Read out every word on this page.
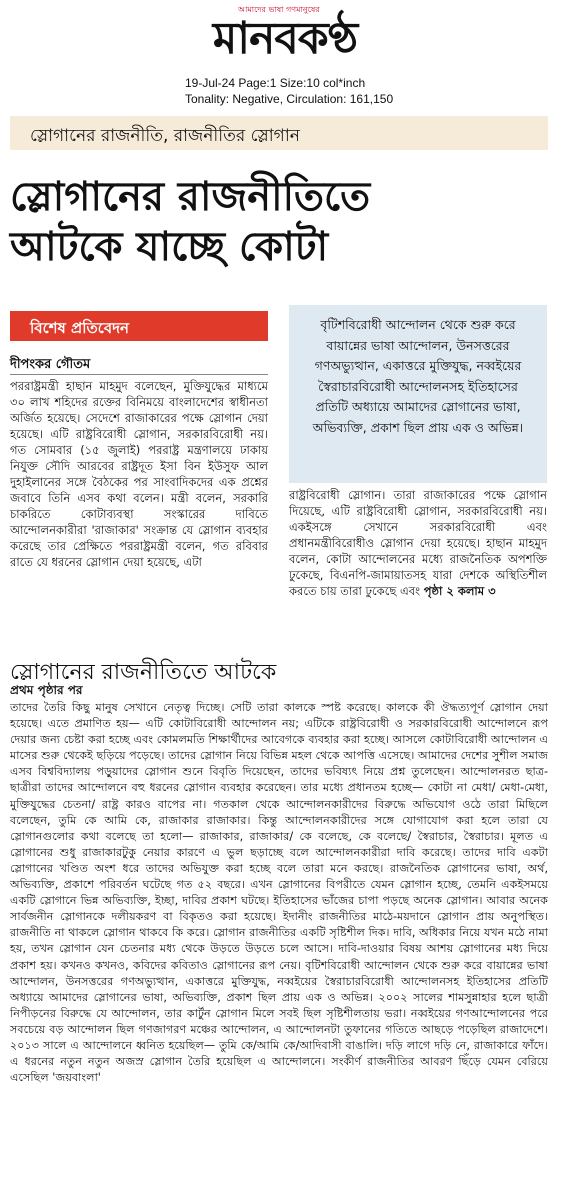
আমাদের ভাষা গণমানুষের
মানবকণ্ঠ
19-Jul-24 Page:1 Size:10 col*inch
Tonality: Negative, Circulation: 161,150
স্লোগানের রাজনীতি, রাজনীতির স্লোগান
স্লোগানের রাজনীতিতে
আটকে যাচ্ছে কোটা
বিশেষ প্রতিবেদন	বৃটিশবিরোধী আন্দোলন থেকে শুরু করে বায়ান্নের ভাষা আন্দোলন, উনসত্তরের গণঅভ্যুত্থান, একাত্তরে মুক্তিযুদ্ধ, নব্বইয়ের স্বৈরাচারবিরোধী আন্দোলনসহ ইতিহাসের প্রতিটি অধ্যায়ে আমাদের স্লোগানের ভাষা, অভিব্যক্তি, প্রকাশ ছিল প্রায় এক ও অভিন্ন।

দীপংকর গৌতম

পররাষ্ট্রমন্ত্রী হাছান মাহমুদ বলেছেন, মুক্তিযুদ্ধের মাধ্যমে ৩০ লাখ শহিদের রক্তের বিনিময়ে বাংলাদেশের স্বাধীনতা অর্জিত হয়েছে। সেদেশে রাজাকারের পক্ষে স্লোগান দেয়া হয়েছে। এটি রাষ্ট্রবিরোধী স্লোগান, সরকারবিরোধী নয়। গত সোমবার (১৫ জুলাই) পররাষ্ট্র মন্ত্রণালয়ে ঢাকায় নিযুক্ত সৌদি আরবের রাষ্ট্রদূত ইসা বিন ইউসুফ আল দুহাইলানের সঙ্গে বৈঠকের পর সাংবাদিকদের এক প্রশ্নের জবাবে তিনি এসব কথা বলেন। মন্ত্রী বলেন, সরকারি চাকরিতে কোটাব্যবস্থা সংস্কারের দাবিতে আন্দোলনকারীরা 'রাজাকার' সংক্রান্ত যে স্লোগান ব্যবহার করেছে তার প্রেক্ষিতে পররাষ্ট্রমন্ত্রী বলেন, গত রবিবার রাতে যে ধরনের স্লোগান দেয়া হয়েছে, এটা

রাষ্ট্রবিরোধী স্লোগান। তারা রাজাকারের পক্ষে স্লোগান দিয়েছে, এটি রাষ্ট্রবিরোধী স্লোগান, সরকারবিরোধী নয়। একইসঙ্গে সেখানে সরকারবিরোধী এবং প্রধানমন্ত্রীবিরোধীও স্লোগান দেয়া হয়েছে। হাছান মাহমুদ বলেন, কোটা আন্দোলনের মধ্যে রাজনৈতিক অপশক্তি ঢুকেছে, বিএনপি-জামায়াতসহ যারা দেশকে অস্থিতিশীল করতে চায় তারা ঢুকেছে এবং পৃষ্ঠা ২ কলাম ৩

স্লোগানের রাজনীতিতে আটকে
প্রথম পৃষ্ঠার পর

তাদের তৈরি কিছু মানুষ সেখানে নেতৃত্ব দিচ্ছে। সেটি তারা কালকে স্পষ্ট করেছে। কালকে কী ঔদ্ধত্যপূর্ণ স্লোগান দেয়া হয়েছে। এতে প্রমাণিত হয়— এটি কোটাবিরোধী আন্দোলন নয়; এটিকে রাষ্ট্রবিরোধী ও সরকারবিরোধী আন্দোলনে রূপ দেয়ার জন্য চেষ্টা করা হচ্ছে এবং কোমলমতি শিক্ষার্থীদের আবেগকে ব্যবহার করা হচ্ছে। আসলে কোটাবিরোধী আন্দোলন এ মাসের শুরু থেকেই ছড়িয়ে পড়েছে। তাদের স্লোগান নিয়ে বিভিন্ন মহল থেকে আপত্তি এসেছে। আমাদের দেশের সুশীল সমাজ এসব বিশ্ববিদ্যালয় পড়ুয়াদের স্লোগান শুনে বিবৃতি দিয়েছেন, তাদের ভবিষ্যৎ নিয়ে প্রশ্ন তুলেছেন। আন্দোলনরত ছাত্র-ছাত্রীরা তাদের আন্দোলনে বহু ধরনের স্লোগান ব্যবহার করেছেন। তার মধ্যে প্রধানতম হচ্ছে— কোটা না মেধা/ মেধা-মেধা, মুক্তিযুদ্ধের চেতনা/ রাষ্ট্র কারও বাপের না। গতকাল থেকে আন্দোলনকারীদের বিরুদ্ধে অভিযোগ ওঠে তারা মিছিলে বলেছেন, তুমি কে আমি কে, রাজাকার রাজাকার। কিন্তু আন্দোলনকারীদের সঙ্গে যোগাযোগ করা হলে তারা যে স্লোগানগুলোর কথা বলেছে তা হলো— রাজাকার, রাজাকার/ কে বলেছে, কে বলেছে/ স্বৈরাচার, স্বৈরাচার। মূলত এ স্লোগানের শুধু রাজাকারটুকু নেয়ার কারণে এ ভুল ছড়াচ্ছে বলে আন্দোলনকারীরা দাবি করেছে। তাদের দাবি একটা স্লোগানের খণ্ডিত অংশ ধরে তাদের অভিযুক্ত করা হচ্ছে বলে তারা মনে করছে। রাজনৈতিক স্লোগানের ভাষা, অর্থ, অভিব্যক্তি, প্রকাশে পরিবর্তন ঘটেছে গত ৫২ বছরে। এখন স্লোগানের বিপরীতে যেমন স্লোগান হচ্ছে, তেমনি একইসময়ে একটি স্লোগানে ভিন্ন অভিব্যক্তি, ইচ্ছা, দাবির প্রকাশ ঘটছে। ইতিহাসের ভাঁজের চাপা পড়ছে অনেক স্লোগান। আবার অনেক সার্বজনীন স্লোগানকে দলীয়করণ বা বিকৃতও করা হয়েছে। ইদানীং রাজনীতির মাঠে-ময়দানে স্লোগান প্রায় অনুপস্থিত। রাজনীতি না থাকলে স্লোগান থাকবে কি করে। স্লোগান রাজনীতির একটি সৃষ্টিশীল দিক। দাবি, অধিকার নিয়ে যখন মঠে নামা হয়, তখন স্লোগান যেন চেতনার মধ্য থেকে উড়তে উড়তে চলে আসে। দাবি-দাওয়ার বিষয় আশয় স্লোগানের মধ্য দিয়ে প্রকাশ হয়। কখনও কখনও, কবিদের কবিতাও স্লোগানের রূপ নেয়। বৃটিশবিরোধী আন্দোলন থেকে শুরু করে বায়ান্নের ভাষা আন্দোলন, উনসত্তরের গণঅভ্যুত্থান, একাত্তরে মুক্তিযুদ্ধ, নব্বইয়ের স্বৈরাচারবিরোধী আন্দোলনসহ ইতিহাসের প্রতিটি অধ্যায়ে আমাদের স্লোগানের ভাষা, অভিব্যক্তি, প্রকাশ ছিল প্রায় এক ও অভিন্ন। ২০০২ সালের শামসুন্নাহার হলে ছাত্রী নিপীড়নের বিরুদ্ধে যে আন্দোলন, তার কার্টুন স্লোগান মিলে সবই ছিল সৃষ্টিশীলতায় ভরা। নব্বইয়ের গণআন্দোলনের পরে সবচেয়ে বড় আন্দোলন ছিল গণজাগরণ মঞ্চের আন্দোলন, এ আন্দোলনটা তুফানের গতিতে আছড়ে পড়েছিল রাজাদেশে। ২০১৩ সালে এ আন্দোলনে ধ্বনিত হয়েছিল— তুমি কে/আমি কে/আদিবাসী বাঙালি। দড়ি লাগে দড়ি নে, রাজাকারে ফাঁদে। এ ধরনের নতুন নতুন অজস্র স্লোগান তৈরি হয়েছিল এ আন্দোলনে। সংকীর্ণ রাজনীতির আবরণ ছিঁড়ে যেমন বেরিয়ে এসেছিল 'জয়বাংলা'
